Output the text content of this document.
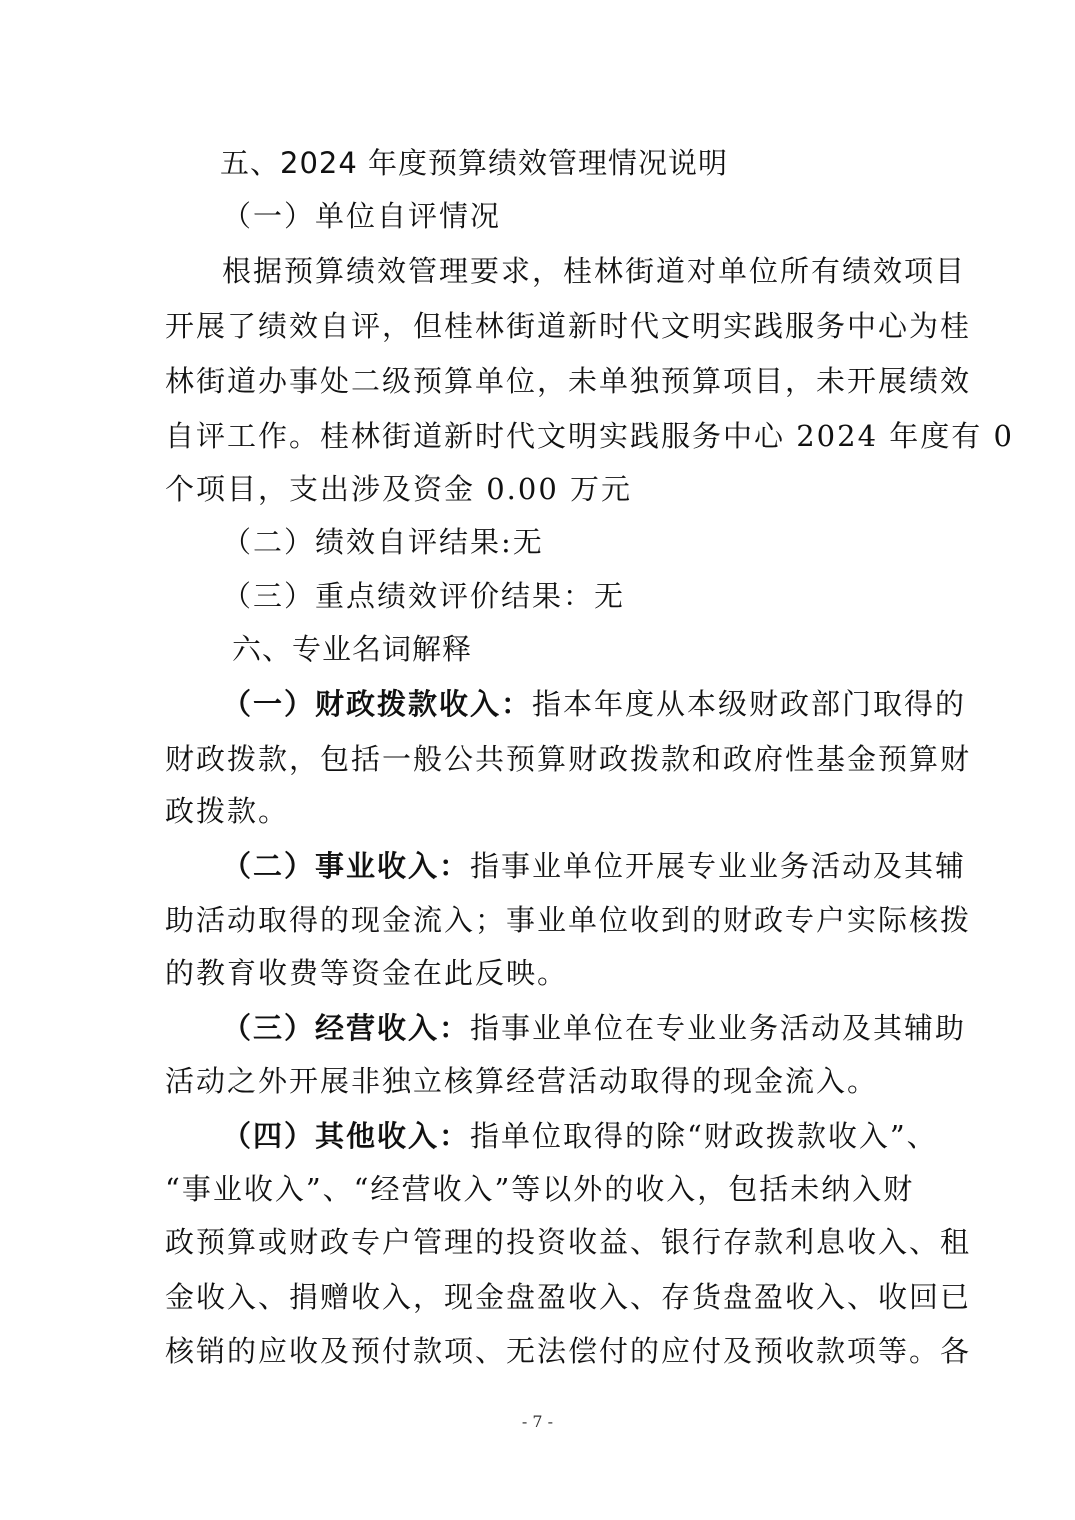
五、2024 年度预算绩效管理情况说明
（一）单位自评情况
根据预算绩效管理要求，桂林街道对单位所有绩效项目
开展了绩效自评，但桂林街道新时代文明实践服务中心为桂
林街道办事处二级预算单位，未单独预算项目，未开展绩效
自评工作。桂林街道新时代文明实践服务中心 2024 年度有 0
个项目，支出涉及资金 0.00 万元
（二）绩效自评结果:无
（三）重点绩效评价结果：无
六、专业名词解释
（一）财政拨款收入：指本年度从本级财政部门取得的
财政拨款，包括一般公共预算财政拨款和政府性基金预算财
政拨款。
（二）事业收入：指事业单位开展专业业务活动及其辅
助活动取得的现金流入；事业单位收到的财政专户实际核拨
的教育收费等资金在此反映。
（三）经营收入：指事业单位在专业业务活动及其辅助
活动之外开展非独立核算经营活动取得的现金流入。
（四）其他收入：指单位取得的除“财政拨款收入”、
“事业收入”、“经营收入”等以外的收入，包括未纳入财
政预算或财政专户管理的投资收益、银行存款利息收入、租
金收入、捐赠收入，现金盘盈收入、存货盘盈收入、收回已
核销的应收及预付款项、无法偿付的应付及预收款项等。各
- 7 -
